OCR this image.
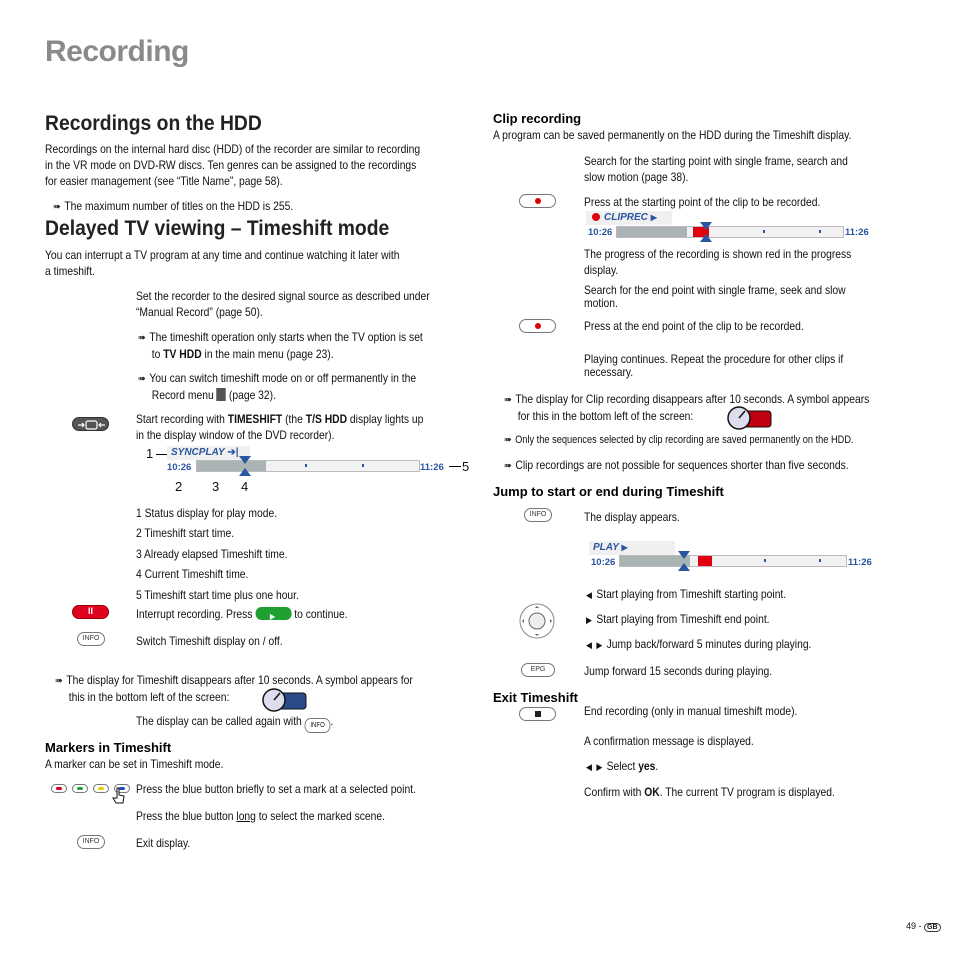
Recording
Recordings on the HDD
Recordings on the internal hard disc (HDD) of the recorder are similar to recording
in the VR mode on DVD-RW discs. Ten genres can be assigned to the recordings
for easier management (see “Title Name”, page 58).
➠ The maximum number of titles on the HDD is 255.
Delayed TV viewing – Timeshift mode
You can interrupt a TV program at any time and continue watching it later with
a timeshift.
Set the recorder to the desired signal source as described under
“Manual Record” (page 50).
➠ The timeshift operation only starts when the TV option is set
to TV HDD in the main menu (page 23).
➠ You can switch timeshift mode on or off permanently in the
Record menu  (page 32).
Start recording with TIMESHIFT (the T/S HDD display lights up
in the display window of the DVD recorder).
1	SYNCPLAY ➔|
10:26	11:26 5
2 3 4
1 Status display for play mode.
2 Timeshift start time.
3 Already elapsed Timeshift time.
4 Current Timeshift time.
5 Timeshift start time plus one hour.
II	Interrupt recording. Press ▶ to continue.
INFO	Switch Timeshift display on / off.
➠ The display for Timeshift disappears after 10 seconds. A symbol appears for
this in the bottom left of the screen:
The display can be called again with INFO .
Markers in Timeshift
A marker can be set in Timeshift mode.
Press the blue button briefly to set a mark at a selected point.
Press the blue button long to select the marked scene.
INFO	Exit display.
Clip recording
A program can be saved permanently on the HDD during the Timeshift display.
Search for the starting point with single frame, search and
slow motion (page 38).
Press at the starting point of the clip to be recorded.
CLIPREC ▶
10:26	11:26
The progress of the recording is shown red in the progress
display.
Search for the end point with single frame, seek and slow
motion.
Press at the end point of the clip to be recorded.
Playing continues. Repeat the procedure for other clips if
necessary.
➠ The display for Clip recording disappears after 10 seconds. A symbol appears
for this in the bottom left of the screen:
➠ Only the sequences selected by clip recording are saved permanently on the HDD.
➠ Clip recordings are not possible for sequences shorter than five seconds.
Jump to start or end during Timeshift
INFO	The display appears.
PLAY ▶
10:26	11:26
◀ Start playing from Timeshift starting point.
▶ Start playing from Timeshift end point.
◀ ▶ Jump back/forward 5 minutes during playing.
EPG	Jump forward 15 seconds during playing.
Exit Timeshift
End recording (only in manual timeshift mode).
A confirmation message is displayed.
◀ ▶ Select yes.
Confirm with OK. The current TV program is displayed.
49 - GB
